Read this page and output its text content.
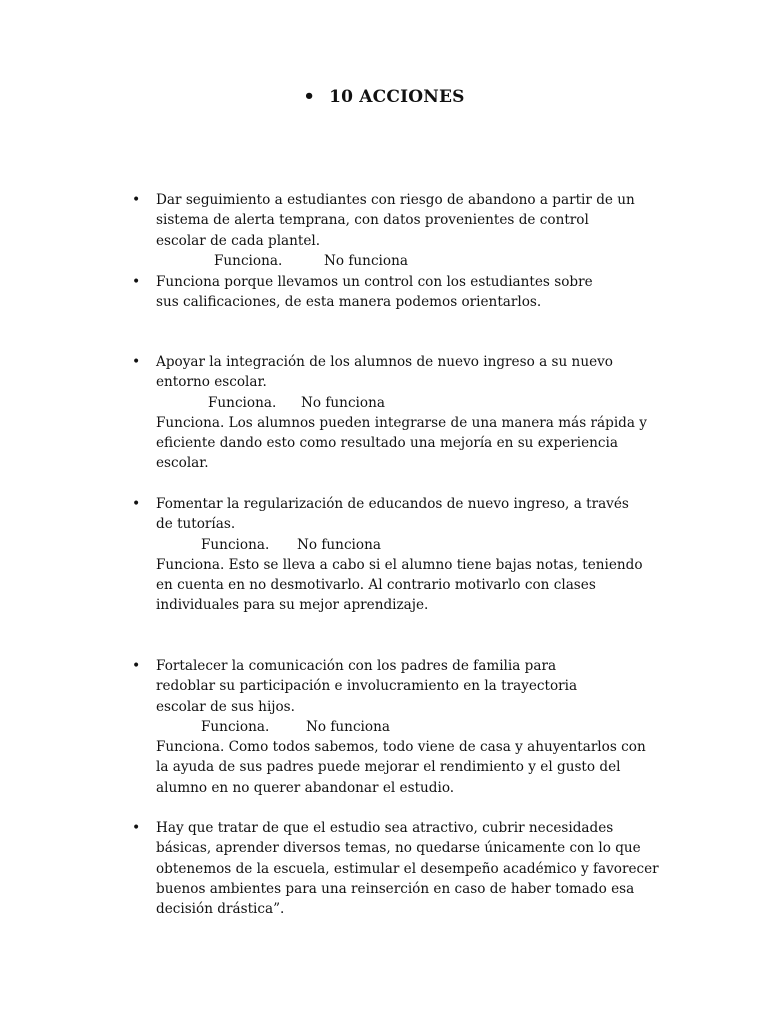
• 10 ACCIONES
• Dar seguimiento a estudiantes con riesgo de abandono a partir de un sistema de alerta temprana, con datos provenientes de control escolar de cada plantel.

Funciona.	No funciona
• Funciona porque llevamos un control con los estudiantes sobre sus calificaciones, de esta manera podemos orientarlos.

• Apoyar la integración de los alumnos de nuevo ingreso a su nuevo entorno escolar.

Funciona. No funciona

Funciona. Los alumnos pueden integrarse de una manera más rápida y eficiente dando esto como resultado una mejoría en su experiencia escolar.

• Fomentar la regularización de educandos de nuevo ingreso, a través de tutorías.

Funciona. No funciona

Funciona. Esto se lleva a cabo si el alumno tiene bajas notas, teniendo en cuenta en no desmotivarlo. Al contrario motivarlo con clases individuales para su mejor aprendizaje.

• Fortalecer la comunicación con los padres de familia para redoblar su participación e involucramiento en la trayectoria escolar de sus hijos.

Funciona.	No funciona

Funciona. Como todos sabemos, todo viene de casa y ahuyentarlos con la ayuda de sus padres puede mejorar el rendimiento y el gusto del alumno en no querer abandonar el estudio.

• Hay que tratar de que el estudio sea atractivo, cubrir necesidades básicas, aprender diversos temas, no quedarse únicamente con lo que obtenemos de la escuela, estimular el desempeño académico y favorecer buenos ambientes para una reinserción en caso de haber tomado esa decisión drástica”.
